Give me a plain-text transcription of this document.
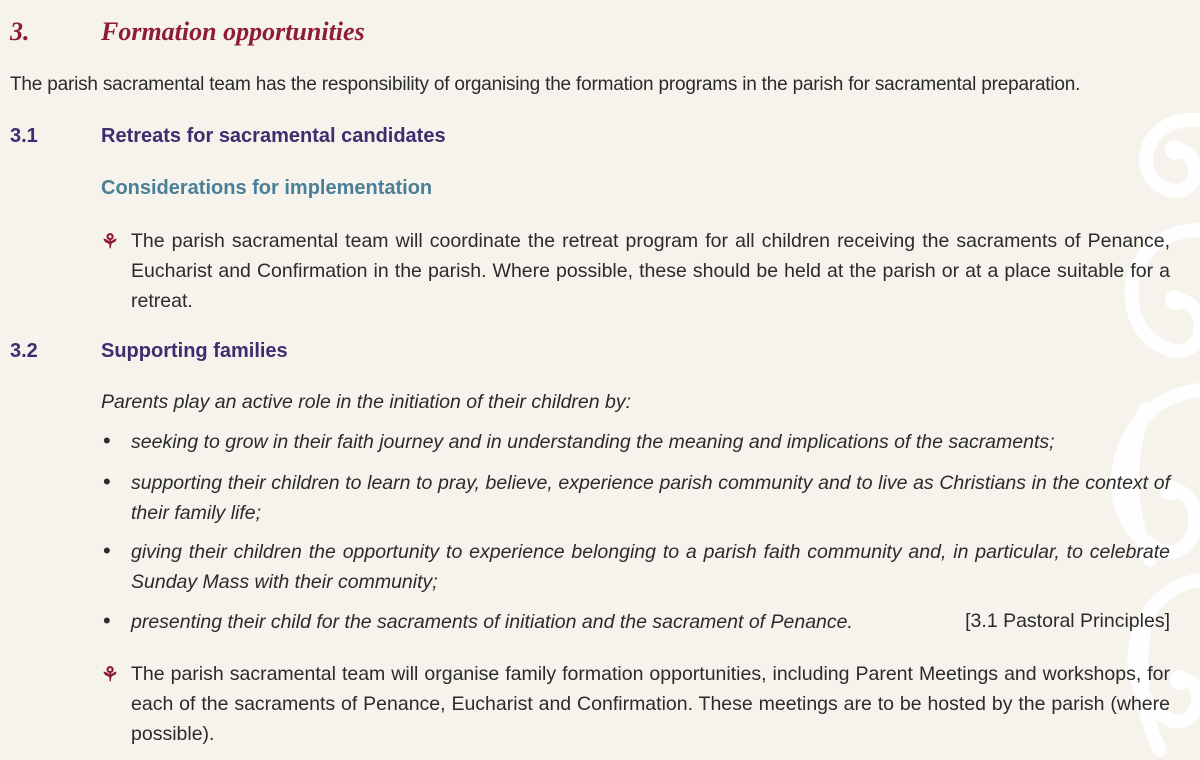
3.	Formation opportunities
The parish sacramental team has the responsibility of organising the formation programs in the parish for sacramental preparation.
3.1	Retreats for sacramental candidates
Considerations for implementation
⚘ The parish sacramental team will coordinate the retreat program for all children receiving the sacraments of Penance, Eucharist and Confirmation in the parish. Where possible, these should be held at the parish or at a place suitable for a retreat.
3.2	Supporting families
Parents play an active role in the initiation of their children by:
• seeking to grow in their faith journey and in understanding the meaning and implications of the sacraments;
• supporting their children to learn to pray, believe, experience parish community and to live as Christians in the context of their family life;
• giving their children the opportunity to experience belonging to a parish faith community and, in particular, to celebrate Sunday Mass with their community;
• presenting their child for the sacraments of initiation and the sacrament of Penance.	[3.1 Pastoral Principles]
⚘ The parish sacramental team will organise family formation opportunities, including Parent Meetings and workshops, for each of the sacraments of Penance, Eucharist and Confirmation. These meetings are to be hosted by the parish (where possible).
